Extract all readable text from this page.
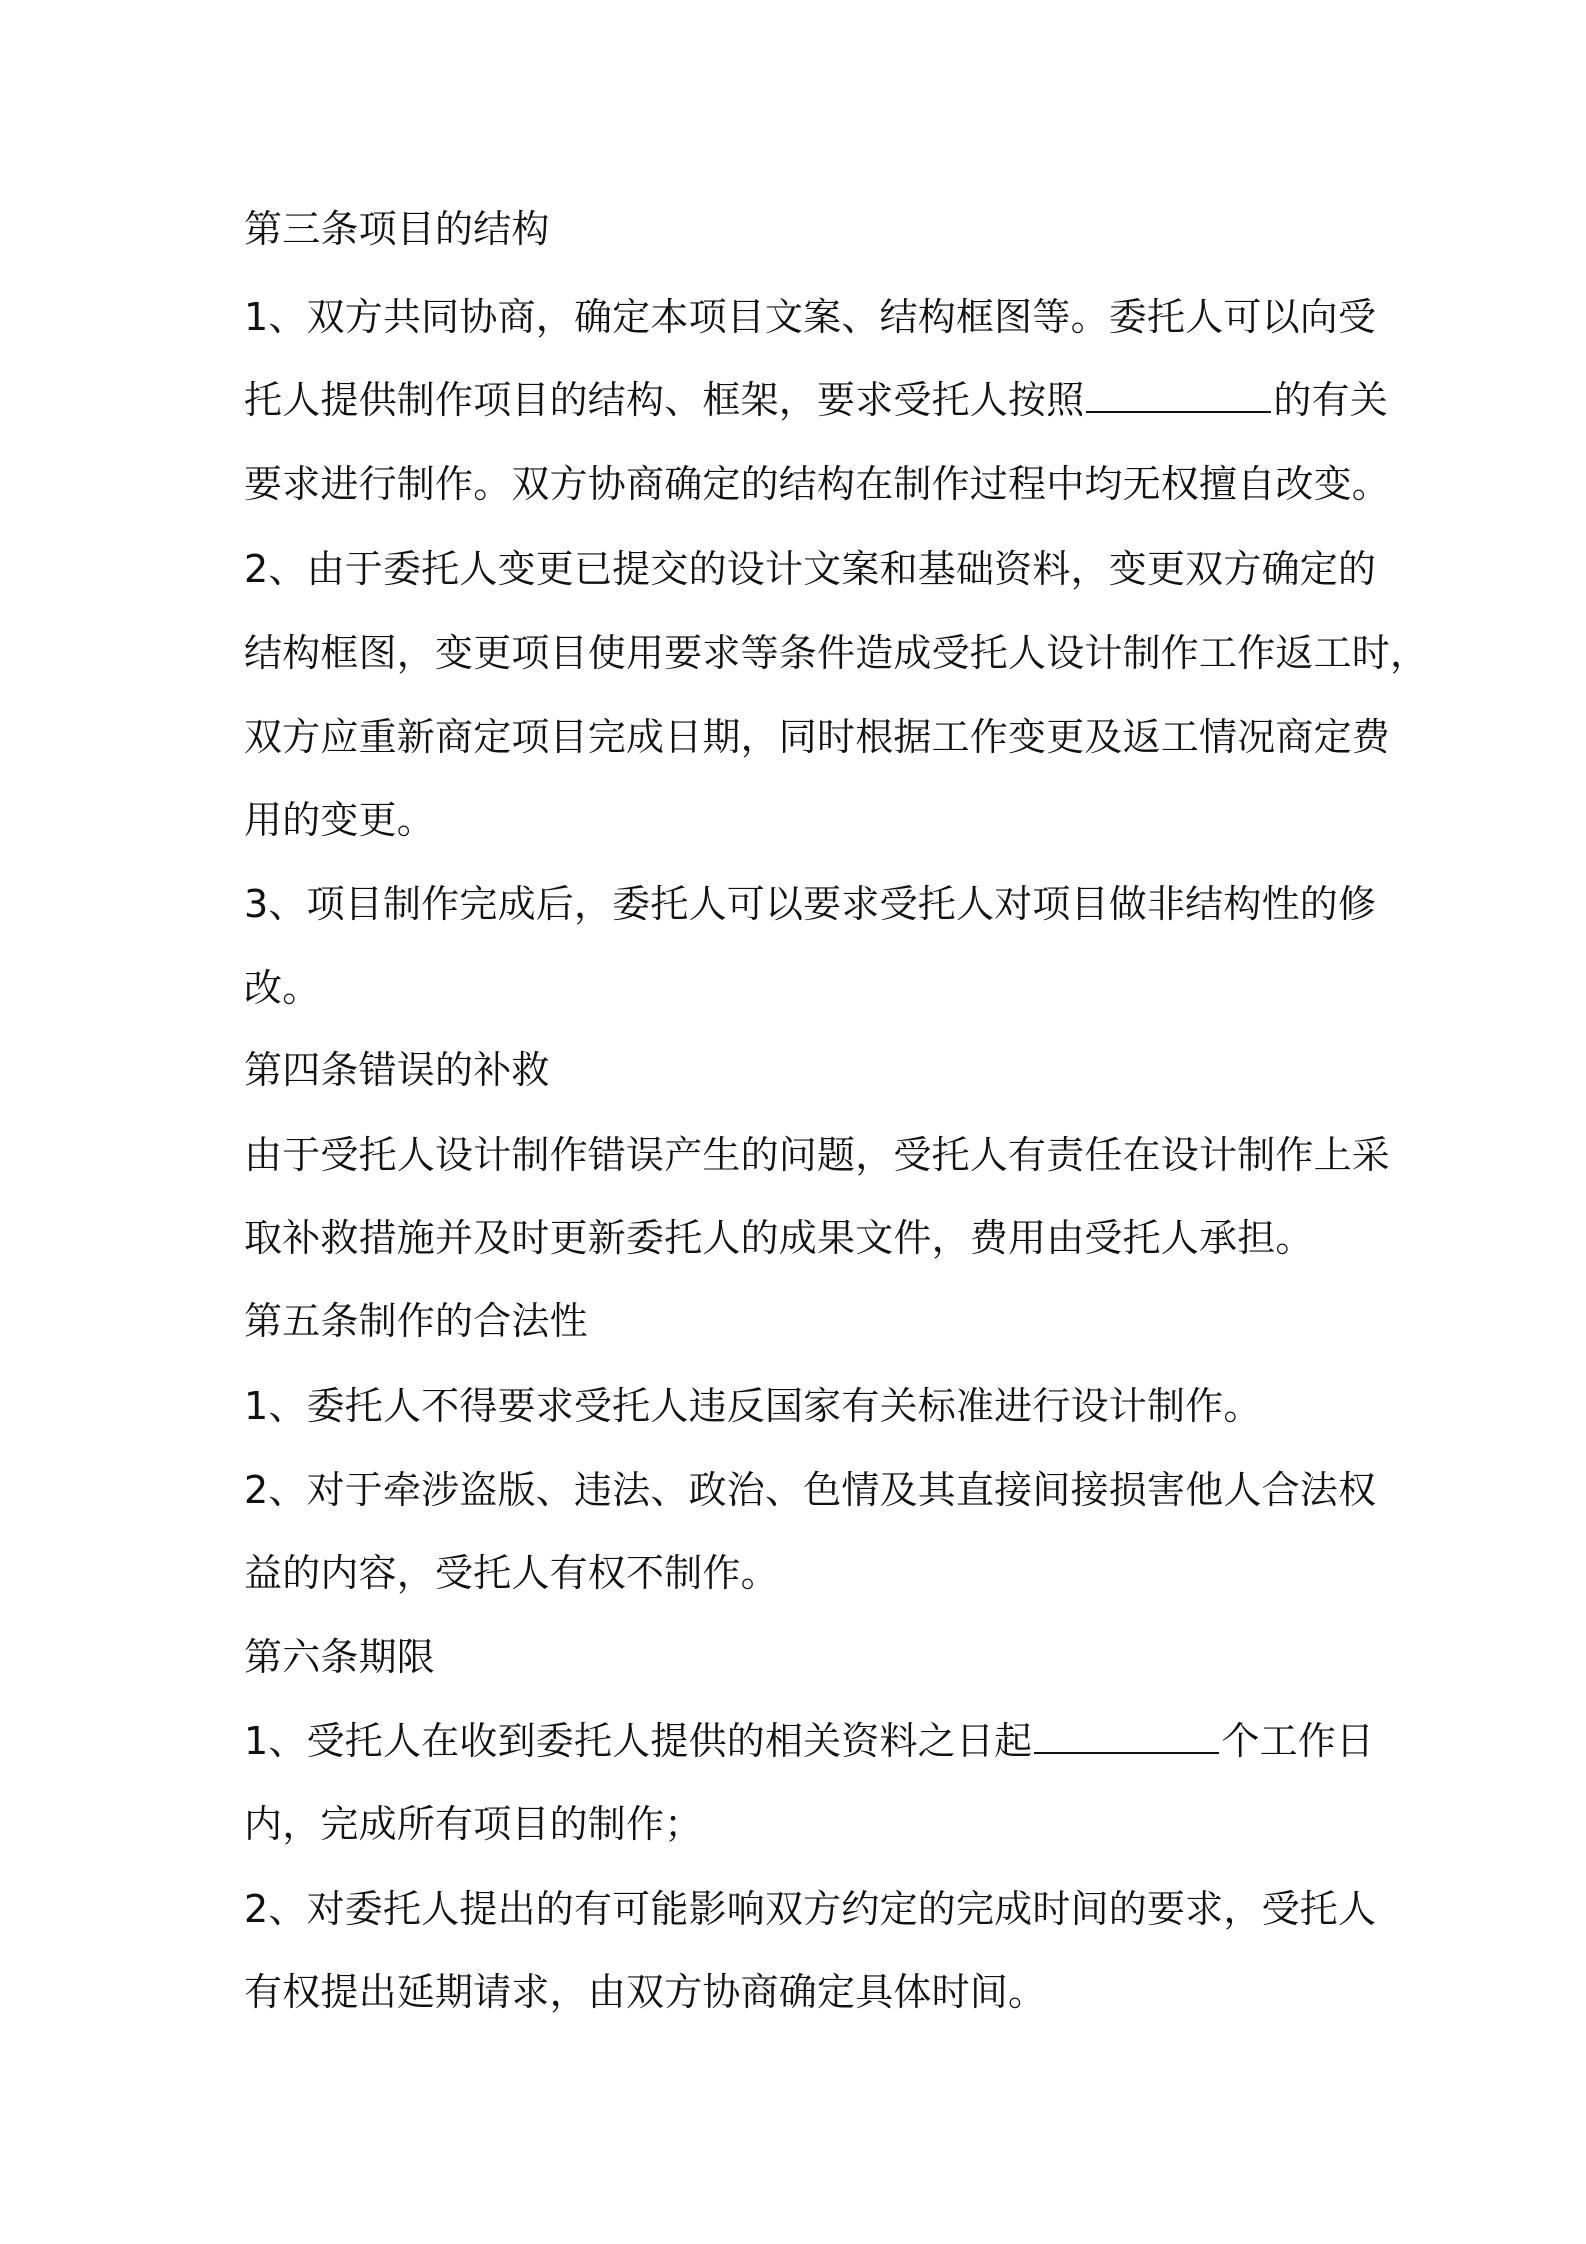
第三条项目的结构
1、双方共同协商，确定本项目文案、结构框图等。委托人可以向受
托人提供制作项目的结构、框架，要求受托人按照	的有关
要求进行制作。双方协商确定的结构在制作过程中均无权擅自改变。
2、由于委托人变更已提交的设计文案和基础资料，变更双方确定的
结构框图，变更项目使用要求等条件造成受托人设计制作工作返工时，
双方应重新商定项目完成日期，同时根据工作变更及返工情况商定费
用的变更。
3、项目制作完成后，委托人可以要求受托人对项目做非结构性的修
改。
第四条错误的补救
由于受托人设计制作错误产生的问题，受托人有责任在设计制作上采
取补救措施并及时更新委托人的成果文件，费用由受托人承担。
第五条制作的合法性
1、委托人不得要求受托人违反国家有关标准进行设计制作。
2、对于牵涉盗版、违法、政治、色情及其直接间接损害他人合法权
益的内容，受托人有权不制作。
第六条期限
1、受托人在收到委托人提供的相关资料之日起	个工作日
内，完成所有项目的制作；
2、对委托人提出的有可能影响双方约定的完成时间的要求，受托人
有权提出延期请求，由双方协商确定具体时间。
